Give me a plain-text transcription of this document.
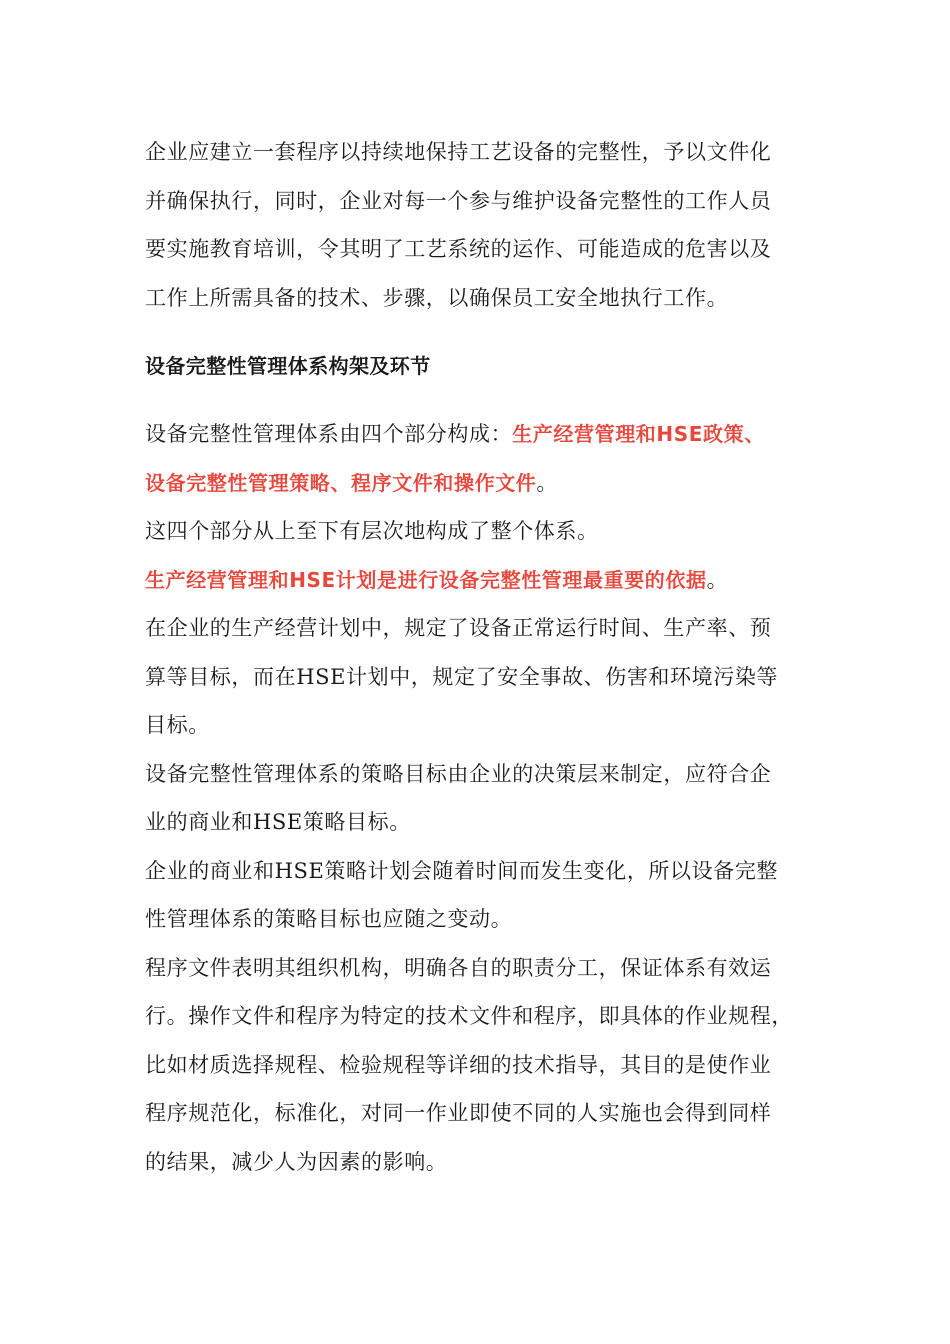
企业应建立一套程序以持续地保持工艺设备的完整性，予以文件化
并确保执行，同时，企业对每一个参与维护设备完整性的工作人员
要实施教育培训，令其明了工艺系统的运作、可能造成的危害以及
工作上所需具备的技术、步骤，以确保员工安全地执行工作。

设备完整性管理体系构架及环节

设备完整性管理体系由四个部分构成：生产经营管理和HSE政策、
设备完整性管理策略、程序文件和操作文件。

这四个部分从上至下有层次地构成了整个体系。

生产经营管理和HSE计划是进行设备完整性管理最重要的依据。

在企业的生产经营计划中，规定了设备正常运行时间、生产率、预
算等目标，而在HSE计划中，规定了安全事故、伤害和环境污染等
目标。

设备完整性管理体系的策略目标由企业的决策层来制定，应符合企
业的商业和HSE策略目标。

企业的商业和HSE策略计划会随着时间而发生变化，所以设备完整
性管理体系的策略目标也应随之变动。

程序文件表明其组织机构，明确各自的职责分工，保证体系有效运
行。操作文件和程序为特定的技术文件和程序，即具体的作业规程，
比如材质选择规程、检验规程等详细的技术指导，其目的是使作业
程序规范化，标准化，对同一作业即使不同的人实施也会得到同样
的结果，减少人为因素的影响。
